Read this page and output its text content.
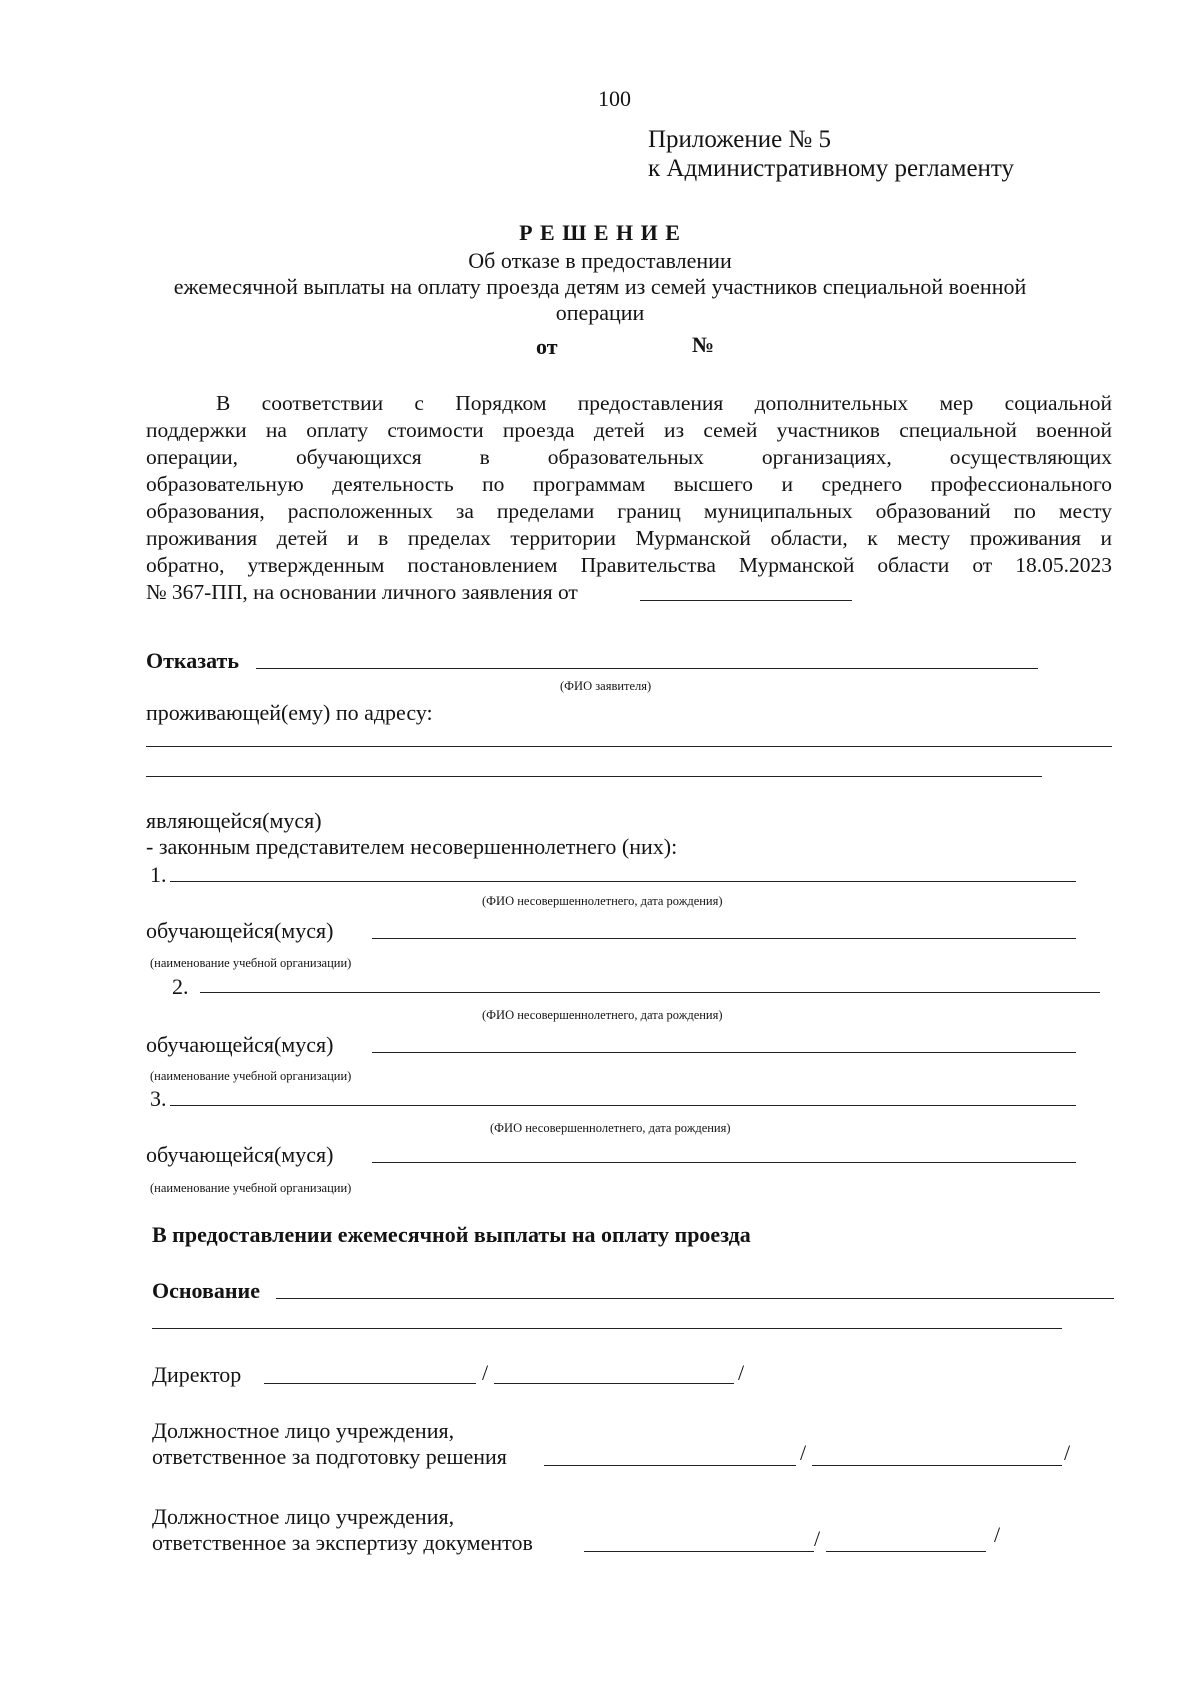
100
Приложение № 5
к Административному регламенту
Р Е Ш Е Н И Е
Об отказе в предоставлении
ежемесячной выплаты на оплату проезда детям из семей участников специальной военной
операции
от	№

В соответствии с Порядком предоставления дополнительных мер социальной

поддержки на оплату стоимости проезда детей из семей участников специальной военной

операции, обучающихся в образовательных организациях, осуществляющих

образовательную деятельность по программам высшего и среднего профессионального

образования, расположенных за пределами границ муниципальных образований по месту

проживания детей и в пределах территории Мурманской области, к месту проживания и

обратно, утвержденным постановлением Правительства Мурманской области от 18.05.2023

№ 367-ПП, на основании личного заявления от

Отказать
(ФИО заявителя)
проживающей(ему) по адресу:
являющейся(муся)
- законным представителем несовершеннолетнего (них):
1.
(ФИО несовершеннолетнего, дата рождения)
обучающейся(муся)
(наименование учебной организации)
2.
(ФИО несовершеннолетнего, дата рождения)
обучающейся(муся)
(наименование учебной организации)
3.
(ФИО несовершеннолетнего, дата рождения)
обучающейся(муся)
(наименование учебной организации)
В предоставлении ежемесячной выплаты на оплату проезда
Основание
Директор	/	/
Должностное лицо учреждения,
ответственное за подготовку решения	/	/
Должностное лицо учреждения,
ответственное за экспертизу документов	/	/
